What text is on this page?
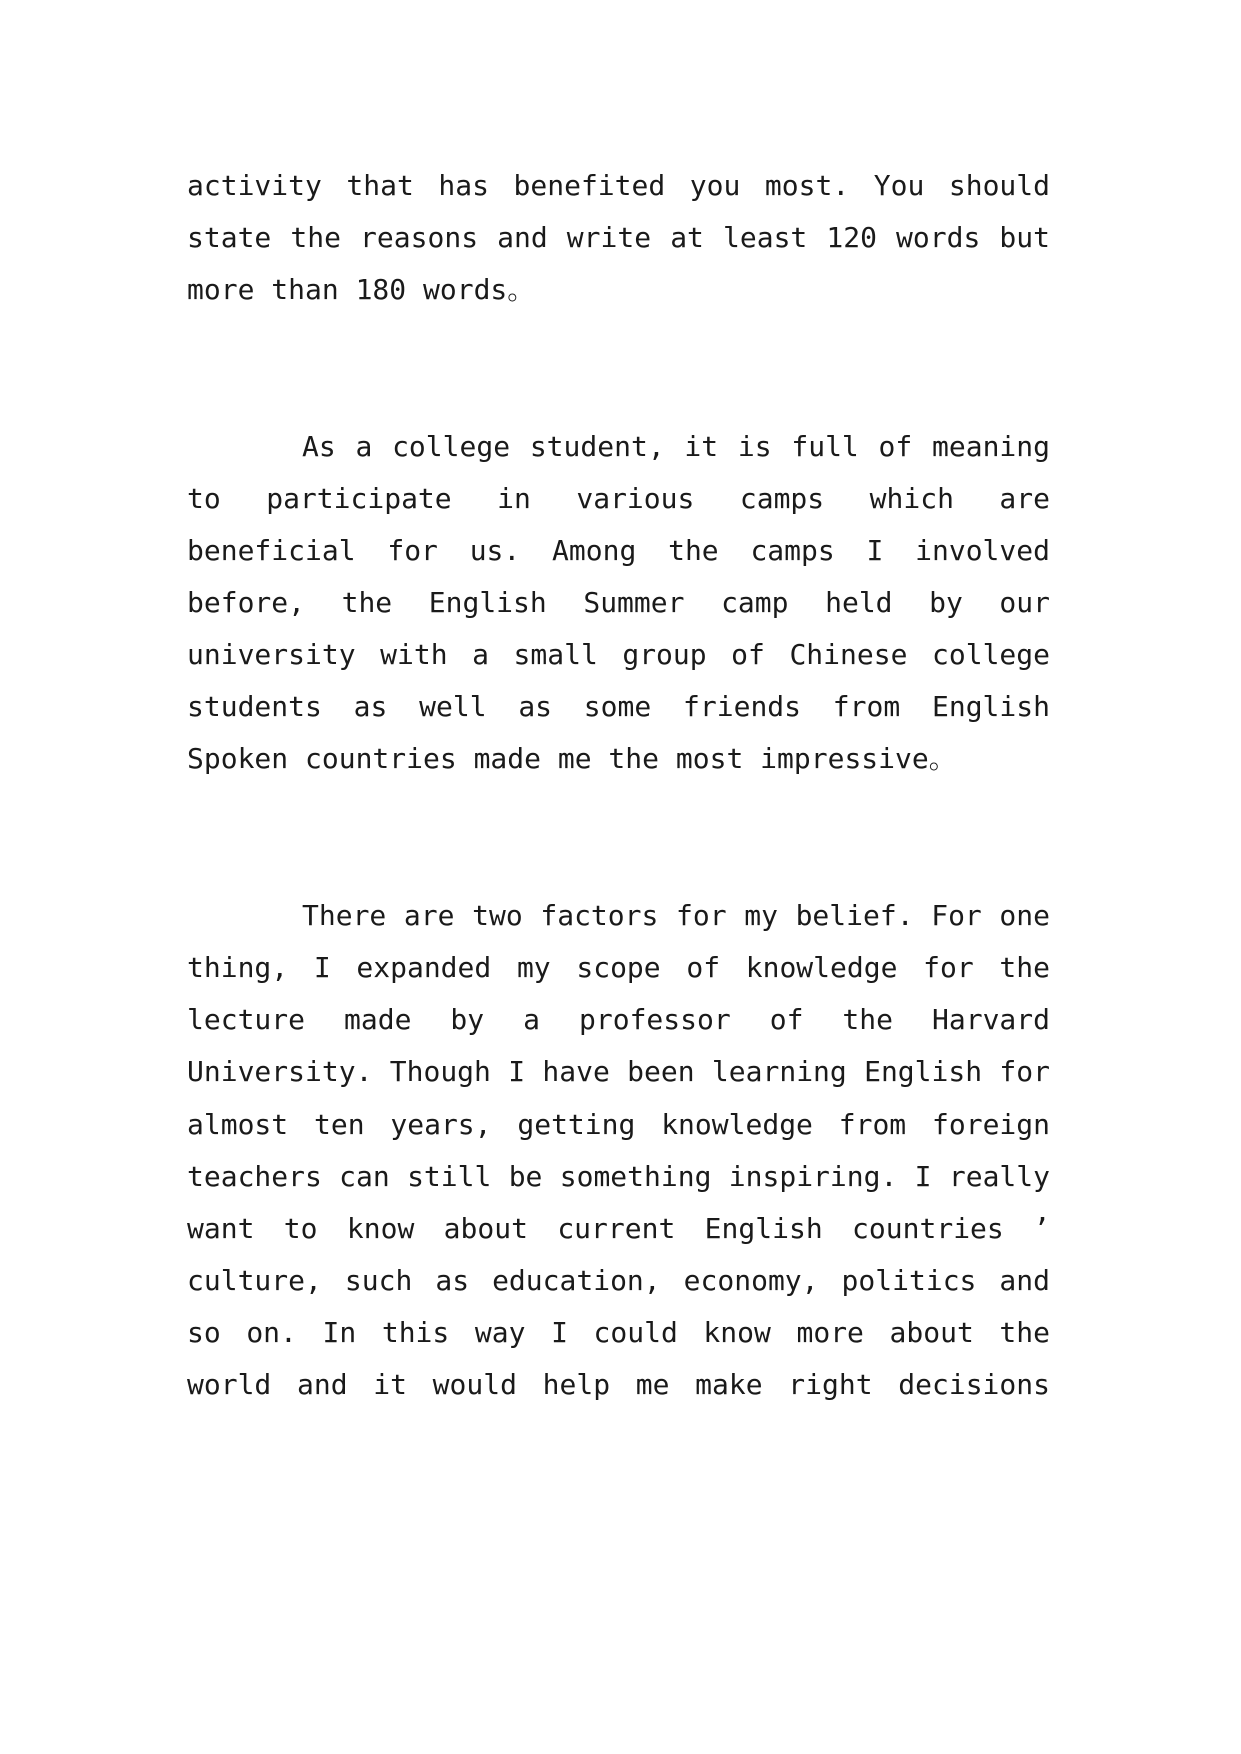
activity that has benefited you most. You should
state the reasons and write at least 120 words but
more than 180 words。
As a college student, it is full of meaning
to participate in various camps which are
beneficial for us. Among the camps I involved
before, the English Summer camp held by our
university with a small group of Chinese college
students as well as some friends from English
Spoken countries made me the most impressive。
There are two factors for my belief. For one
thing, I expanded my scope of knowledge for the
lecture made by a professor of the Harvard
University. Though I have been learning English for
almost ten years, getting knowledge from foreign
teachers can still be something inspiring. I really
want to know about current English countries ’
culture, such as education, economy, politics and
so on. In this way I could know more about the
world and it would help me make right decisions
